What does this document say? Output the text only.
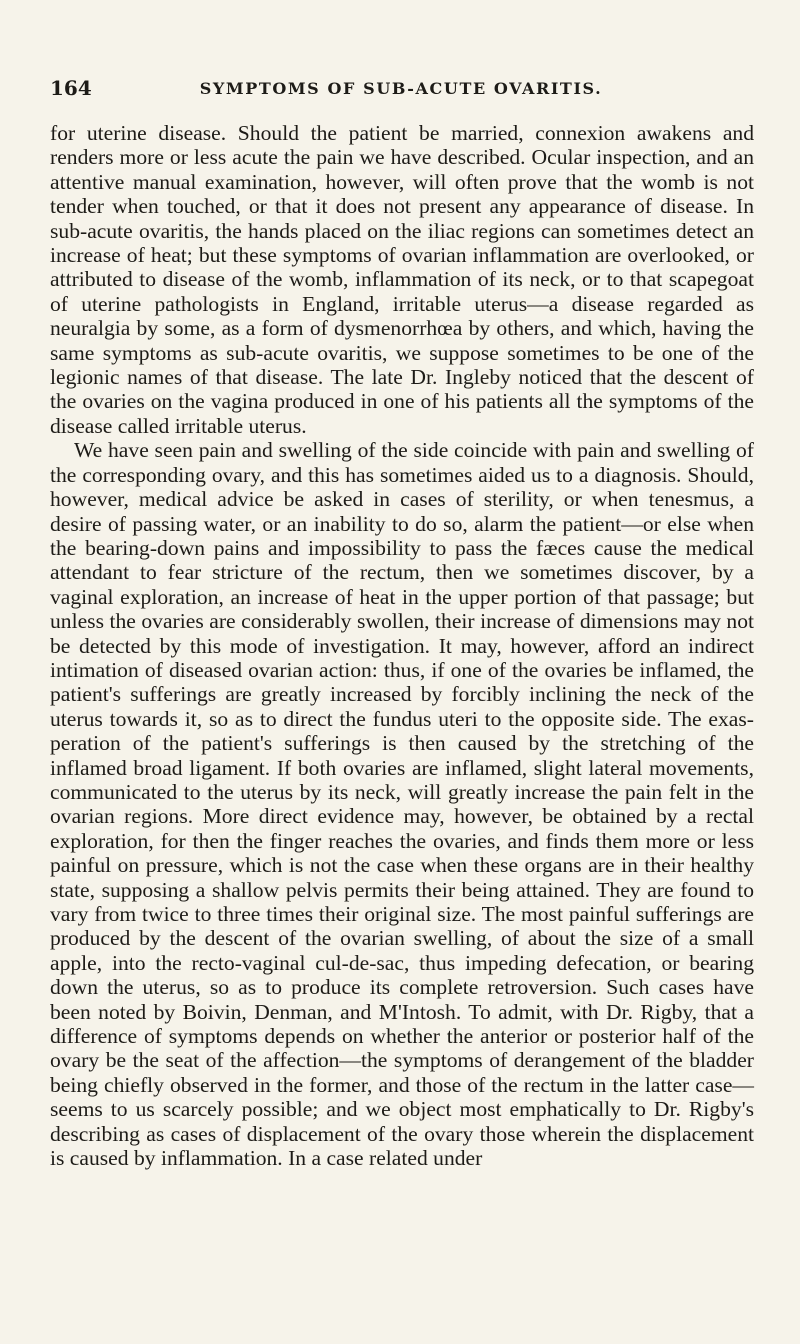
164	SYMPTOMS OF SUB-ACUTE OVARITIS.

for uterine disease. Should the patient be married, connexion awakens and renders more or less acute the pain we have described. Ocular inspection, and an attentive manual examination, however, will often prove that the womb is not tender when touched, or that it does not present any appearance of disease. In sub-acute ovaritis, the hands placed on the iliac regions can sometimes detect an increase of heat; but these symptoms of ovarian inflammation are overlooked, or attributed to disease of the womb, inflammation of its neck, or to that scapegoat of uterine pathologists in England, irritable uterus—a disease regarded as neuralgia by some, as a form of dysmenorrhœa by others, and which, having the same symptoms as sub-acute ovaritis, we suppose sometimes to be one of the legionic names of that disease. The late Dr. Ingleby noticed that the descent of the ovaries on the vagina produced in one of his patients all the symptoms of the disease called irritable uterus.

We have seen pain and swelling of the side coincide with pain and swelling of the corresponding ovary, and this has sometimes aided us to a diagnosis. Should, however, medical advice be asked in cases of sterility, or when tenesmus, a desire of passing water, or an inability to do so, alarm the patient—or else when the bearing-down pains and impossibility to pass the fæces cause the medical attendant to fear stricture of the rectum, then we sometimes discover, by a vaginal exploration, an increase of heat in the upper portion of that passage; but unless the ovaries are considerably swollen, their increase of dimensions may not be detected by this mode of investigation. It may, however, afford an indirect intimation of diseased ovarian action: thus, if one of the ovaries be inflamed, the patient's sufferings are greatly increased by forcibly inclining the neck of the uterus towards it, so as to direct the fundus uteri to the opposite side. The exasperation of the patient's sufferings is then caused by the stretching of the inflamed broad ligament. If both ovaries are inflamed, slight lateral movements, communicated to the uterus by its neck, will greatly increase the pain felt in the ovarian regions. More direct evidence may, however, be obtained by a rectal exploration, for then the finger reaches the ovaries, and finds them more or less painful on pressure, which is not the case when these organs are in their healthy state, supposing a shallow pelvis permits their being attained. They are found to vary from twice to three times their original size. The most painful sufferings are produced by the descent of the ovarian swelling, of about the size of a small apple, into the recto-vaginal cul-de-sac, thus impeding defecation, or bearing down the uterus, so as to produce its complete retroversion. Such cases have been noted by Boivin, Denman, and M'Intosh. To admit, with Dr. Rigby, that a difference of symptoms depends on whether the anterior or posterior half of the ovary be the seat of the affection—the symptoms of derangement of the bladder being chiefly observed in the former, and those of the rectum in the latter case—seems to us scarcely possible; and we object most emphatically to Dr. Rigby's describing as cases of displacement of the ovary those wherein the displacement is caused by inflammation. In a case related under
